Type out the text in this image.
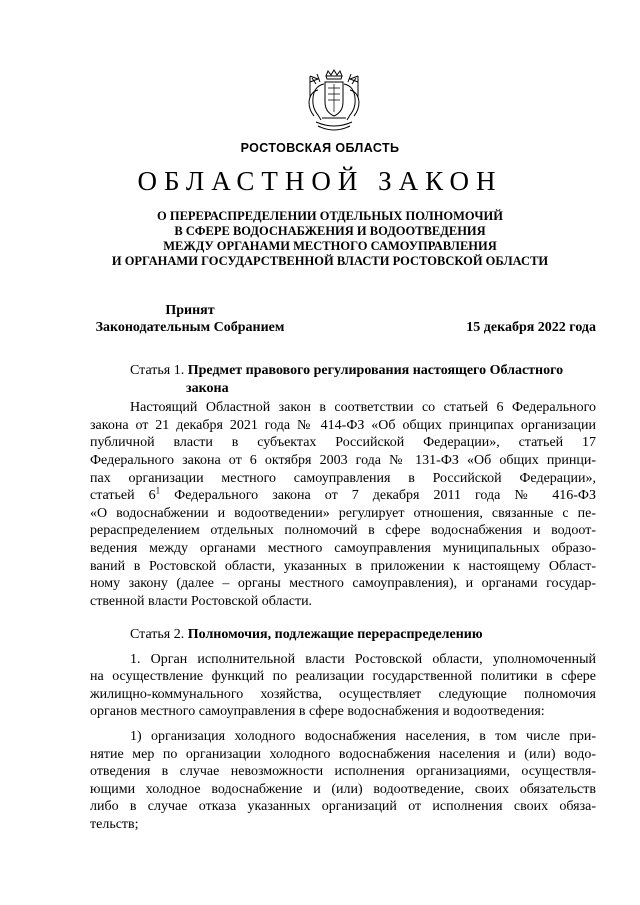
РОСТОВСКАЯ ОБЛАСТЬ
ОБЛАСТНОЙ ЗАКОН
О ПЕРЕРАСПРЕДЕЛЕНИИ ОТДЕЛЬНЫХ ПОЛНОМОЧИЙ
В СФЕРЕ ВОДОСНАБЖЕНИЯ И ВОДООТВЕДЕНИЯ
МЕЖДУ ОРГАНАМИ МЕСТНОГО САМОУПРАВЛЕНИЯ
И ОРГАНАМИ ГОСУДАРСТВЕННОЙ ВЛАСТИ РОСТОВСКОЙ ОБЛАСТИ
Принят
Законодательным Собранием	15 декабря 2022 года
Статья 1. Предмет правового регулирования настоящего Областного
закона
Настоящий Областной закон в соответствии со статьей 6 Федерального
закона от 21 декабря 2021 года № 414-ФЗ «Об общих принципах организации
публичной власти в субъектах Российской Федерации», статьей 17
Федерального закона от 6 октября 2003 года № 131-ФЗ «Об общих принци-
пах организации местного самоуправления в Российской Федерации»,
статьей $6^1$ Федерального закона от 7 декабря 2011 года № 416-ФЗ
«О водоснабжении и водоотведении» регулирует отношения, связанные с пе-
рераспределением отдельных полномочий в сфере водоснабжения и водоот-
ведения между органами местного самоуправления муниципальных образо-
ваний в Ростовской области, указанных в приложении к настоящему Област-
ному закону (далее – органы местного самоуправления), и органами государ-
ственной власти Ростовской области.
Статья 2. Полномочия, подлежащие перераспределению
1. Орган исполнительной власти Ростовской области, уполномоченный
на осуществление функций по реализации государственной политики в сфере
жилищно-коммунального хозяйства, осуществляет следующие полномочия
органов местного самоуправления в сфере водоснабжения и водоотведения:
1) организация холодного водоснабжения населения, в том числе при-
нятие мер по организации холодного водоснабжения населения и (или) водо-
отведения в случае невозможности исполнения организациями, осуществля-
ющими холодное водоснабжение и (или) водоотведение, своих обязательств
либо в случае отказа указанных организаций от исполнения своих обяза-
тельств;
